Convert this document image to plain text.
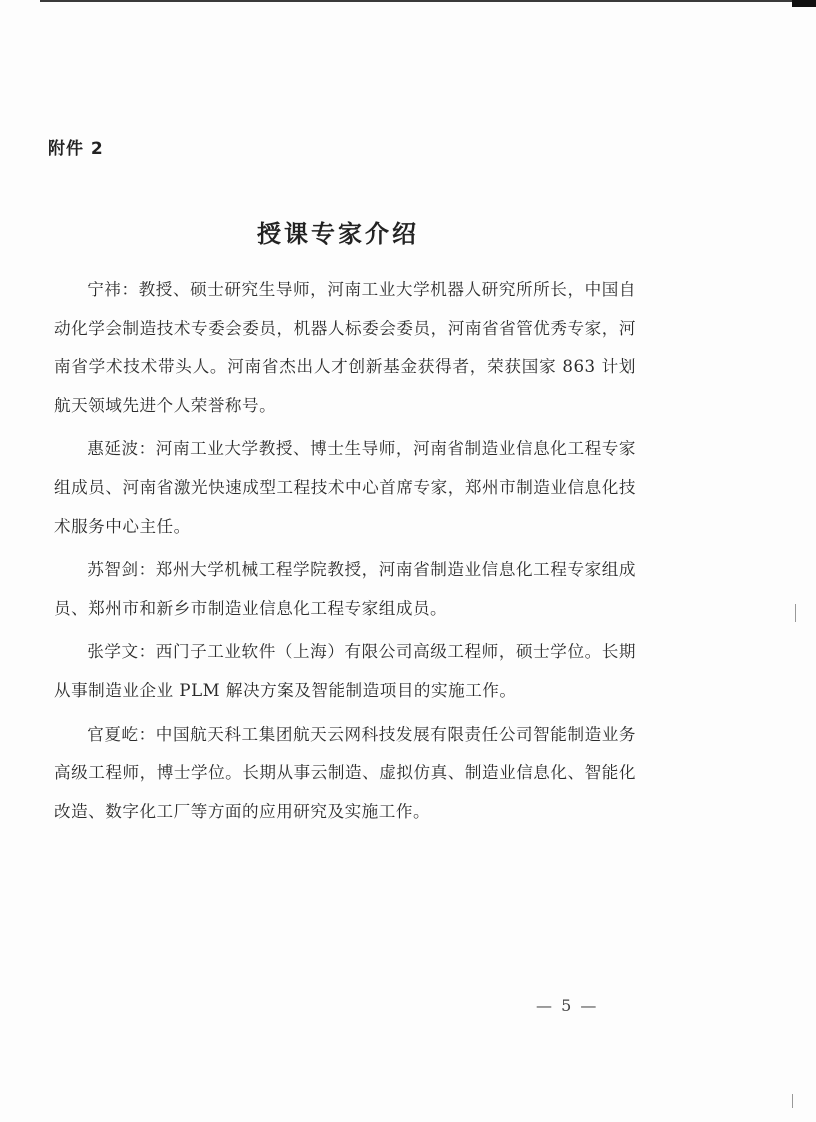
附件 2
授课专家介绍

宁祎：教授、硕士研究生导师，河南工业大学机器人研究所所长，中国自动化学会制造技术专委会委员，机器人标委会委员，河南省省管优秀专家，河南省学术技术带头人。河南省杰出人才创新基金获得者，荣获国家 863 计划航天领域先进个人荣誉称号。

惠延波：河南工业大学教授、博士生导师，河南省制造业信息化工程专家组成员、河南省激光快速成型工程技术中心首席专家，郑州市制造业信息化技术服务中心主任。

苏智剑：郑州大学机械工程学院教授，河南省制造业信息化工程专家组成员、郑州市和新乡市制造业信息化工程专家组成员。

张学文：西门子工业软件（上海）有限公司高级工程师，硕士学位。长期从事制造业企业 PLM 解决方案及智能制造项目的实施工作。

官夏屹：中国航天科工集团航天云网科技发展有限责任公司智能制造业务高级工程师，博士学位。长期从事云制造、虚拟仿真、制造业信息化、智能化改造、数字化工厂等方面的应用研究及实施工作。

— 5 —
